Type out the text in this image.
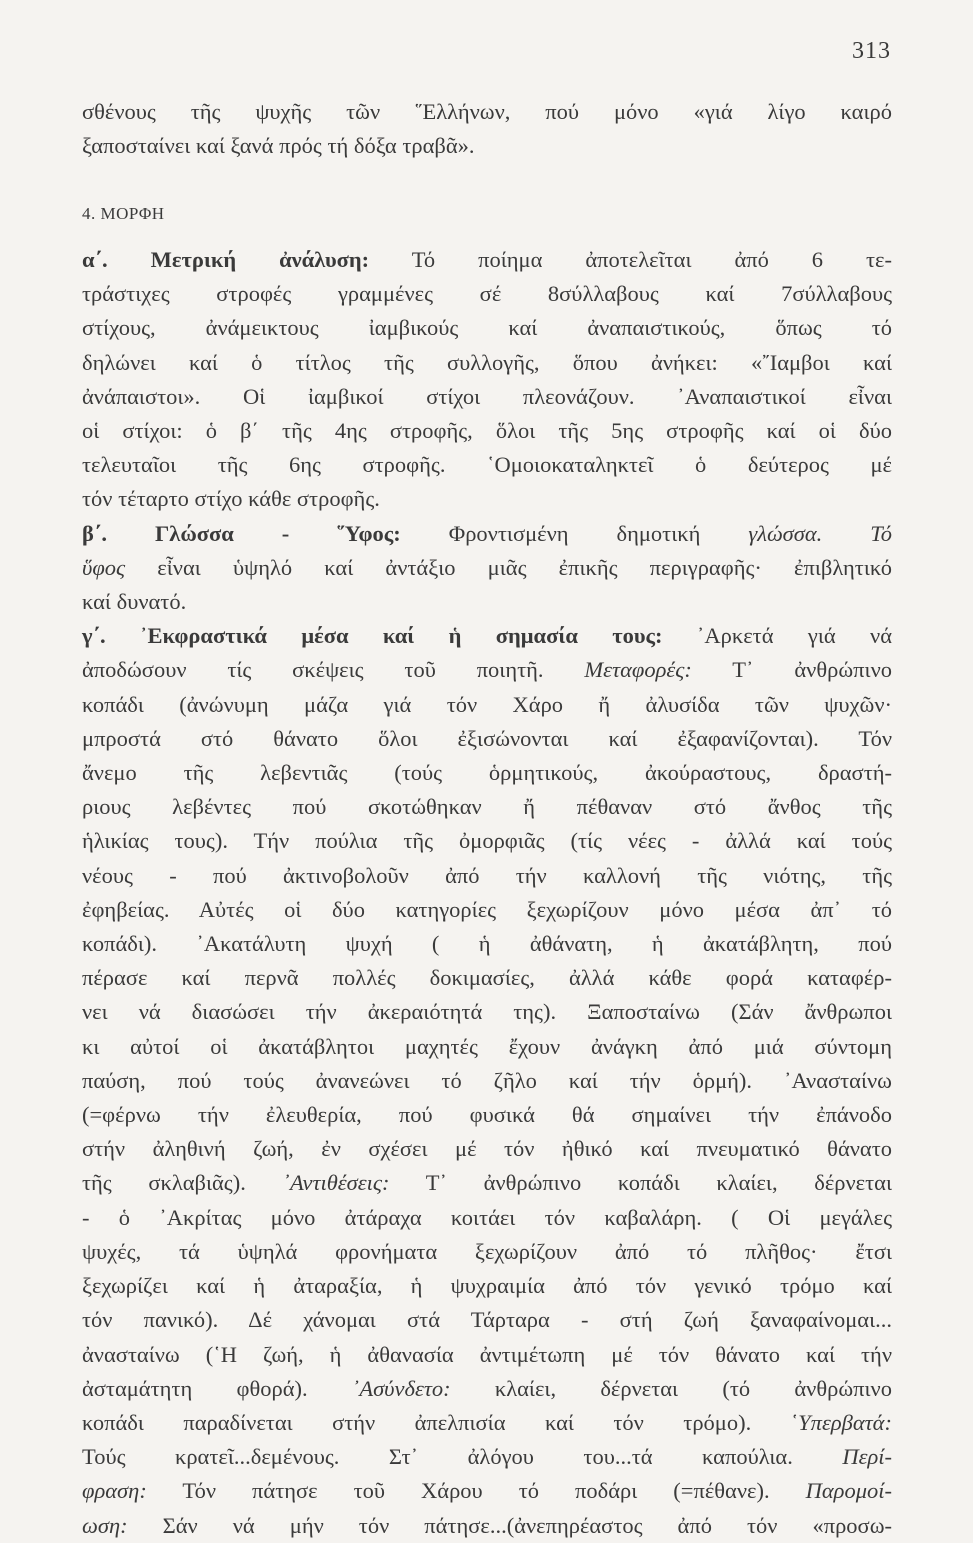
313
σθένους τῆς ψυχῆς τῶν ῞Ελλήνων, πού μόνο «γιά λίγο καιρό
ξαποσταίνει καί ξανά πρός τή δόξα τραβᾶ».
4. ΜΟΡΦΗ
α΄. Μετρική ἀνάλυση: Τό ποίημα ἀποτελεῖται ἀπό 6 τε-
τράστιχες στροφές γραμμένες σέ 8σύλλαβους καί 7σύλλαβους
στίχους, ἀνάμεικτους ἰαμβικούς καί ἀναπαιστικούς, ὅπως τό
δηλώνει καί ὁ τίτλος τῆς συλλογῆς, ὅπου ἀνήκει: «῎Ιαμβοι καί
ἀνάπαιστοι». Οἱ ἰαμβικοί στίχοι πλεονάζουν. ᾿Αναπαιστικοί εἶναι
οἱ στίχοι: ὁ β΄ τῆς 4ης στροφῆς, ὅλοι τῆς 5ης στροφῆς καί οἱ δύο
τελευταῖοι τῆς 6ης στροφῆς. ῾Ομοιοκαταληκτεῖ ὁ δεύτερος μέ
τόν τέταρτο στίχο κάθε στροφῆς.
β΄. Γλώσσα - ῞Υφος: Φροντισμένη δημοτική γλώσσα. Τό
ὕφος εἶναι ὑψηλό καί ἀντάξιο μιᾶς ἐπικῆς περιγραφῆς· ἐπιβλητικό
καί δυνατό.
γ΄. ᾿Εκφραστικά μέσα καί ἡ σημασία τους: ᾿Αρκετά γιά νά
ἀποδώσουν τίς σκέψεις τοῦ ποιητῆ. Μεταφορές: Τ᾿ ἀνθρώπινο
κοπάδι (ἀνώνυμη μάζα γιά τόν Χάρο ἤ ἀλυσίδα τῶν ψυχῶν·
μπροστά στό θάνατο ὅλοι ἐξισώνονται καί ἐξαφανίζονται). Τόν
ἄνεμο τῆς λεβεντιᾶς (τούς ὁρμητικούς, ἀκούραστους, δραστή-
ριους λεβέντες πού σκοτώθηκαν ἤ πέθαναν στό ἄνθος τῆς
ἡλικίας τους). Τήν πούλια τῆς ὀμορφιᾶς (τίς νέες - ἀλλά καί τούς
νέους - πού ἀκτινοβολοῦν ἀπό τήν καλλονή τῆς νιότης, τῆς
ἐφηβείας. Αὐτές οἱ δύο κατηγορίες ξεχωρίζουν μόνο μέσα ἀπ᾿ τό
κοπάδι). ᾿Ακατάλυτη ψυχή ( ἡ ἀθάνατη, ἡ ἀκατάβλητη, πού
πέρασε καί περνᾶ πολλές δοκιμασίες, ἀλλά κάθε φορά καταφέρ-
νει νά διασώσει τήν ἀκεραιότητά της). Ξαποσταίνω (Σάν ἄνθρωποι
κι αὐτοί οἱ ἀκατάβλητοι μαχητές ἔχουν ἀνάγκη ἀπό μιά σύντομη
παύση, πού τούς ἀνανεώνει τό ζῆλο καί τήν ὁρμή). ᾿Ανασταίνω
(=φέρνω τήν ἐλευθερία, πού φυσικά θά σημαίνει τήν ἐπάνοδο
στήν ἀληθινή ζωή, ἐν σχέσει μέ τόν ἠθικό καί πνευματικό θάνατο
τῆς σκλαβιᾶς). ᾿Αντιθέσεις: Τ᾿ ἀνθρώπινο κοπάδι κλαίει, δέρνεται
- ὁ ᾿Ακρίτας μόνο ἀτάραχα κοιτάει τόν καβαλάρη. ( Οἱ μεγάλες
ψυχές, τά ὑψηλά φρονήματα ξεχωρίζουν ἀπό τό πλῆθος· ἔτσι
ξεχωρίζει καί ἡ ἀταραξία, ἡ ψυχραιμία ἀπό τόν γενικό τρόμο καί
τόν πανικό). Δέ χάνομαι στά Τάρταρα - στή ζωή ξαναφαίνομαι...
ἀνασταίνω (῾Η ζωή, ἡ ἀθανασία ἀντιμέτωπη μέ τόν θάνατο καί τήν
ἀσταμάτητη φθορά). ᾿Ασύνδετο: κλαίει, δέρνεται (τό ἀνθρώπινο
κοπάδι παραδίνεται στήν ἀπελπισία καί τόν τρόμο). ῾Υπερβατά:
Τούς κρατεῖ...δεμένους. Στ᾿ ἀλόγου του...τά καπούλια. Περί-
φραση: Τόν πάτησε τοῦ Χάρου τό ποδάρι (=πέθανε). Παρομοί-
ωση: Σάν νά μήν τόν πάτησε...(ἀνεπηρέαστος ἀπό τόν «προσω-
